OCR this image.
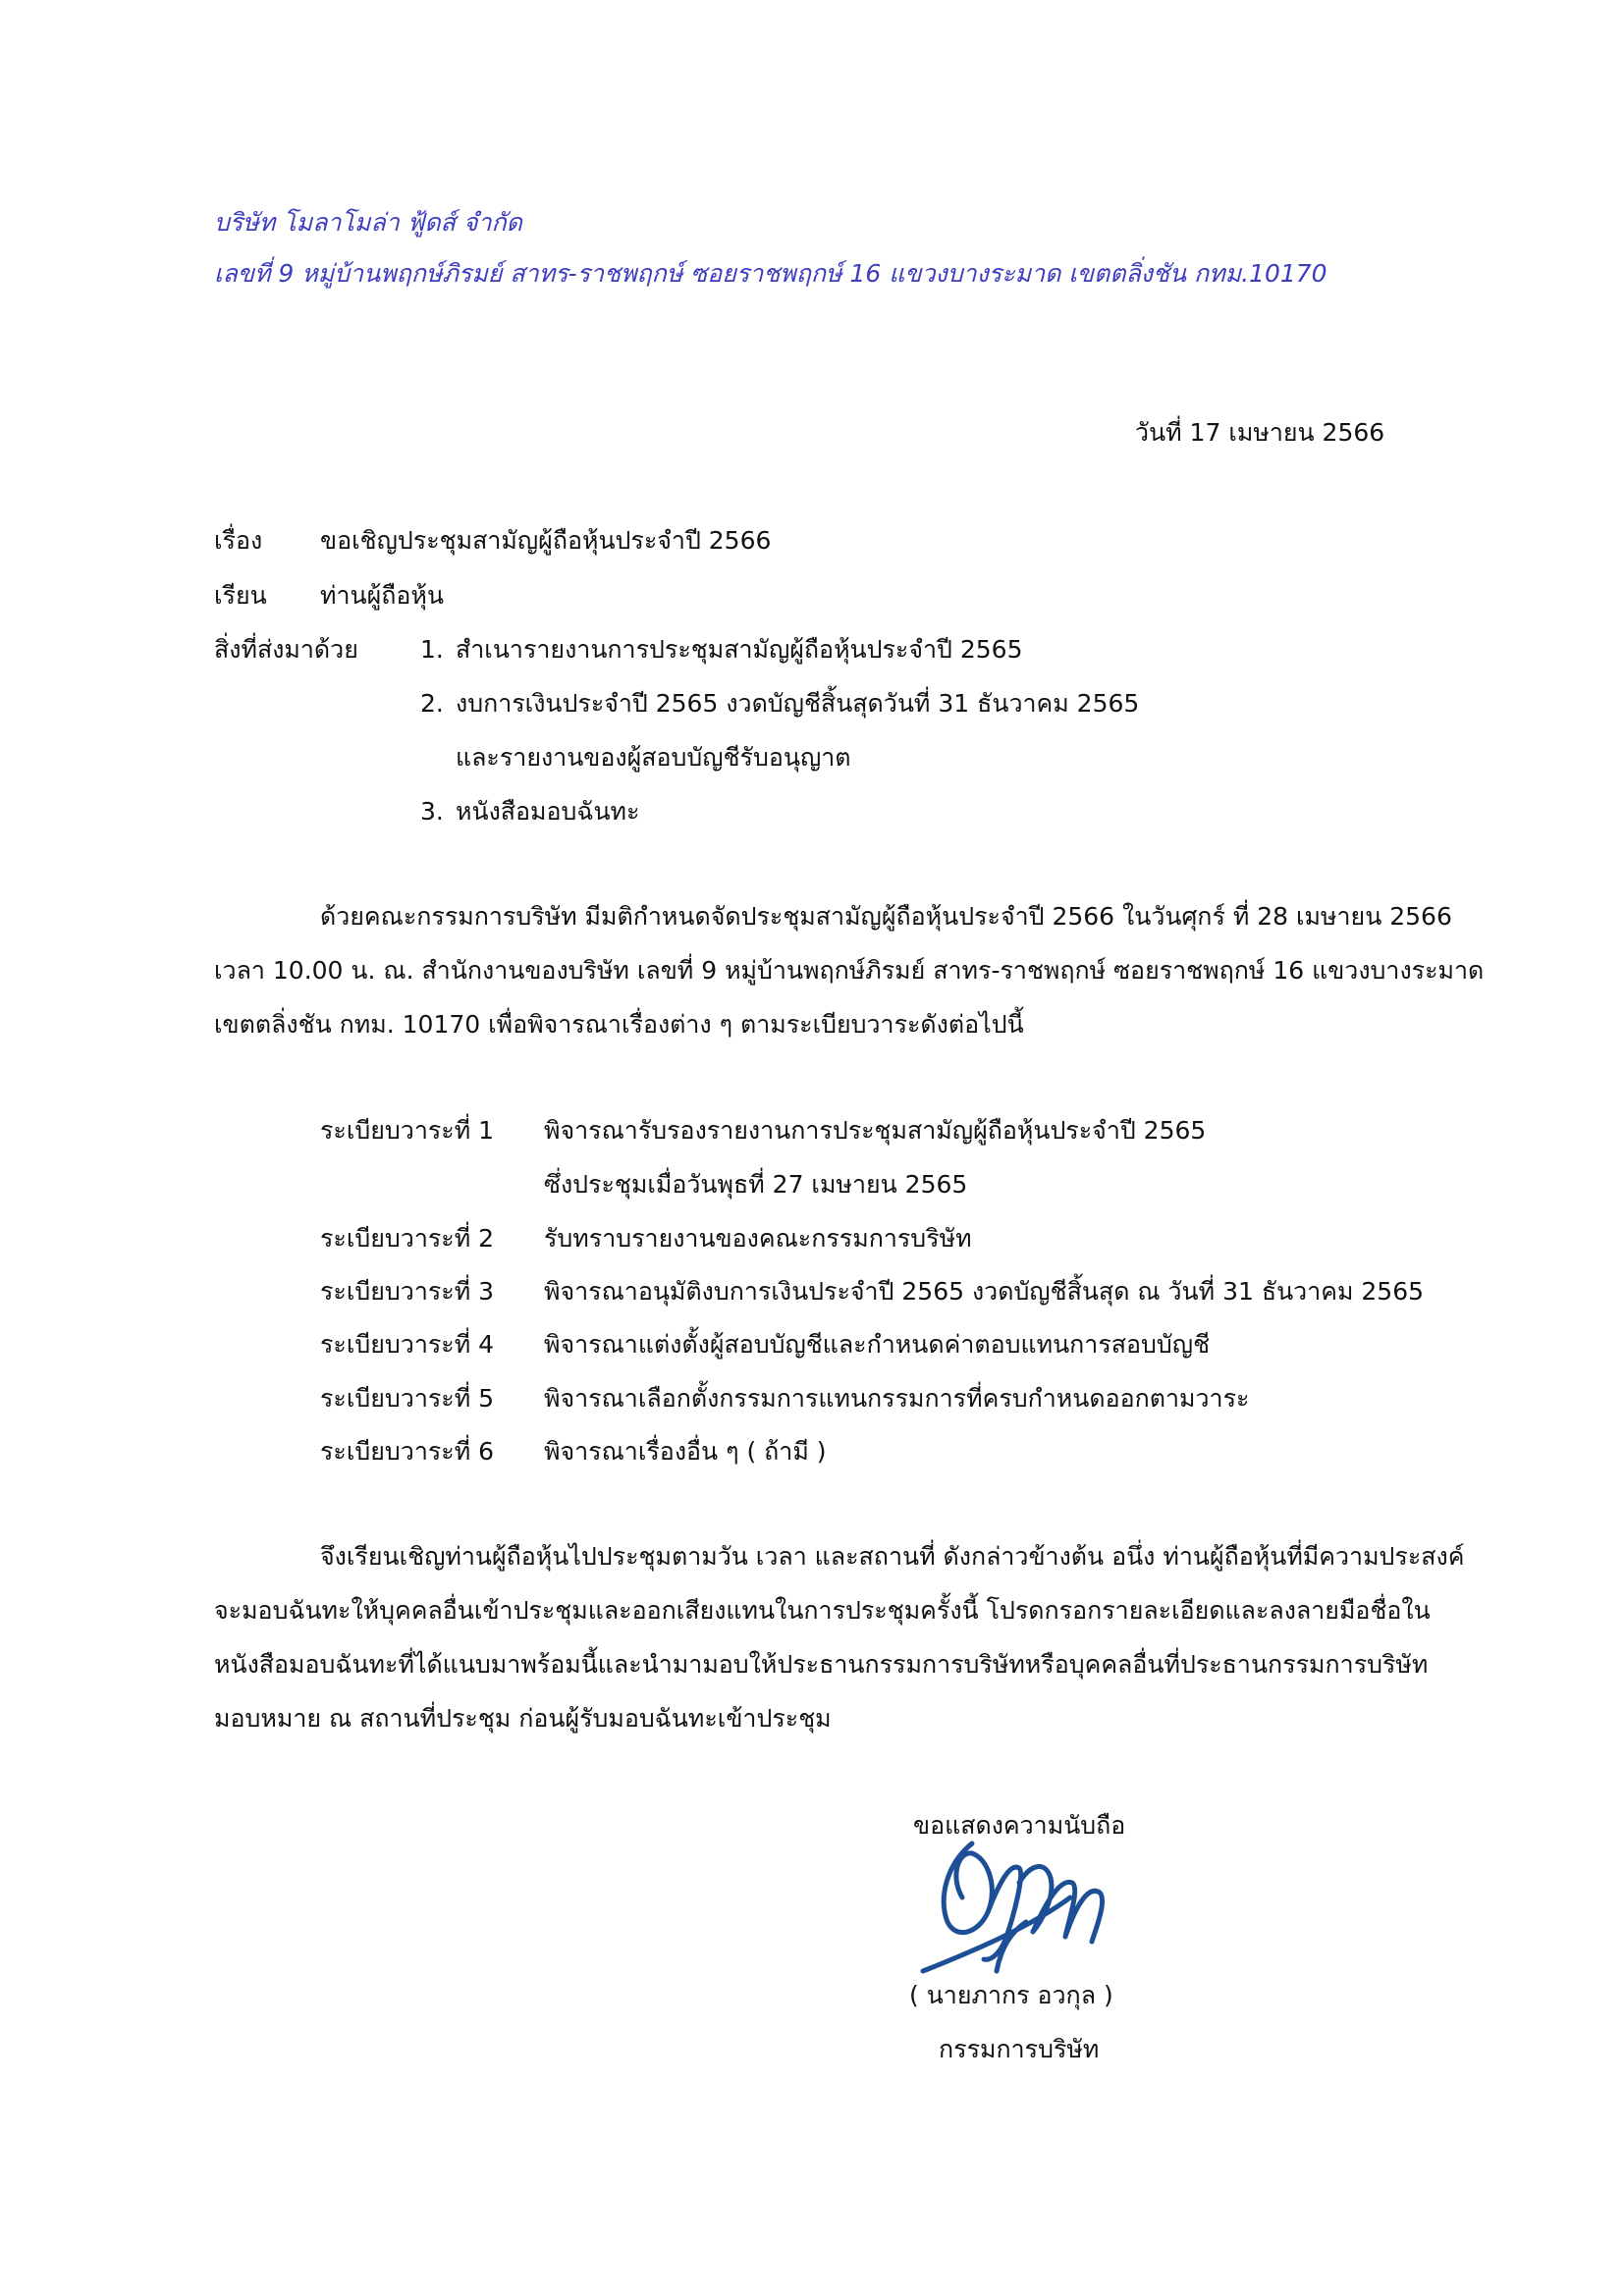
บริษัท โมลาโมล่า ฟู้ดส์ จำกัด
เลขที่ 9 หมู่บ้านพฤกษ์ภิรมย์ สาทร-ราชพฤกษ์ ซอยราชพฤกษ์ 16 แขวงบางระมาด เขตตลิ่งชัน กทม.10170
วันที่ 17 เมษายน 2566
เรื่อง ขอเชิญประชุมสามัญผู้ถือหุ้นประจำปี 2566
เรียน ท่านผู้ถือหุ้น
สิ่งที่ส่งมาด้วย	1. สำเนารายงานการประชุมสามัญผู้ถือหุ้นประจำปี 2565
2. งบการเงินประจำปี 2565 งวดบัญชีสิ้นสุดวันที่ 31 ธันวาคม 2565
และรายงานของผู้สอบบัญชีรับอนุญาต
3. หนังสือมอบฉันทะ
ด้วยคณะกรรมการบริษัท มีมติกำหนดจัดประชุมสามัญผู้ถือหุ้นประจำปี 2566 ในวันศุกร์ ที่ 28 เมษายน 2566
เวลา 10.00 น. ณ. สำนักงานของบริษัท เลขที่ 9 หมู่บ้านพฤกษ์ภิรมย์ สาทร-ราชพฤกษ์ ซอยราชพฤกษ์ 16 แขวงบางระมาด
เขตตลิ่งชัน กทม. 10170 เพื่อพิจารณาเรื่องต่าง ๆ ตามระเบียบวาระดังต่อไปนี้
ระเบียบวาระที่ 1 พิจารณารับรองรายงานการประชุมสามัญผู้ถือหุ้นประจำปี 2565
ซึ่งประชุมเมื่อวันพุธที่ 27 เมษายน 2565
ระเบียบวาระที่ 2 รับทราบรายงานของคณะกรรมการบริษัท
ระเบียบวาระที่ 3 พิจารณาอนุมัติงบการเงินประจำปี 2565 งวดบัญชีสิ้นสุด ณ วันที่ 31 ธันวาคม 2565
ระเบียบวาระที่ 4 พิจารณาแต่งตั้งผู้สอบบัญชีและกำหนดค่าตอบแทนการสอบบัญชี
ระเบียบวาระที่ 5 พิจารณาเลือกตั้งกรรมการแทนกรรมการที่ครบกำหนดออกตามวาระ
ระเบียบวาระที่ 6 พิจารณาเรื่องอื่น ๆ ( ถ้ามี )
จึงเรียนเชิญท่านผู้ถือหุ้นไปประชุมตามวัน เวลา และสถานที่ ดังกล่าวข้างต้น อนึ่ง ท่านผู้ถือหุ้นที่มีความประสงค์
จะมอบฉันทะให้บุคคลอื่นเข้าประชุมและออกเสียงแทนในการประชุมครั้งนี้ โปรดกรอกรายละเอียดและลงลายมือชื่อใน
หนังสือมอบฉันทะที่ได้แนบมาพร้อมนี้และนำมามอบให้ประธานกรรมการบริษัทหรือบุคคลอื่นที่ประธานกรรมการบริษัท
มอบหมาย ณ สถานที่ประชุม ก่อนผู้รับมอบฉันทะเข้าประชุม
ขอแสดงความนับถือ
( นายภากร อวกุล )
กรรมการบริษัท
